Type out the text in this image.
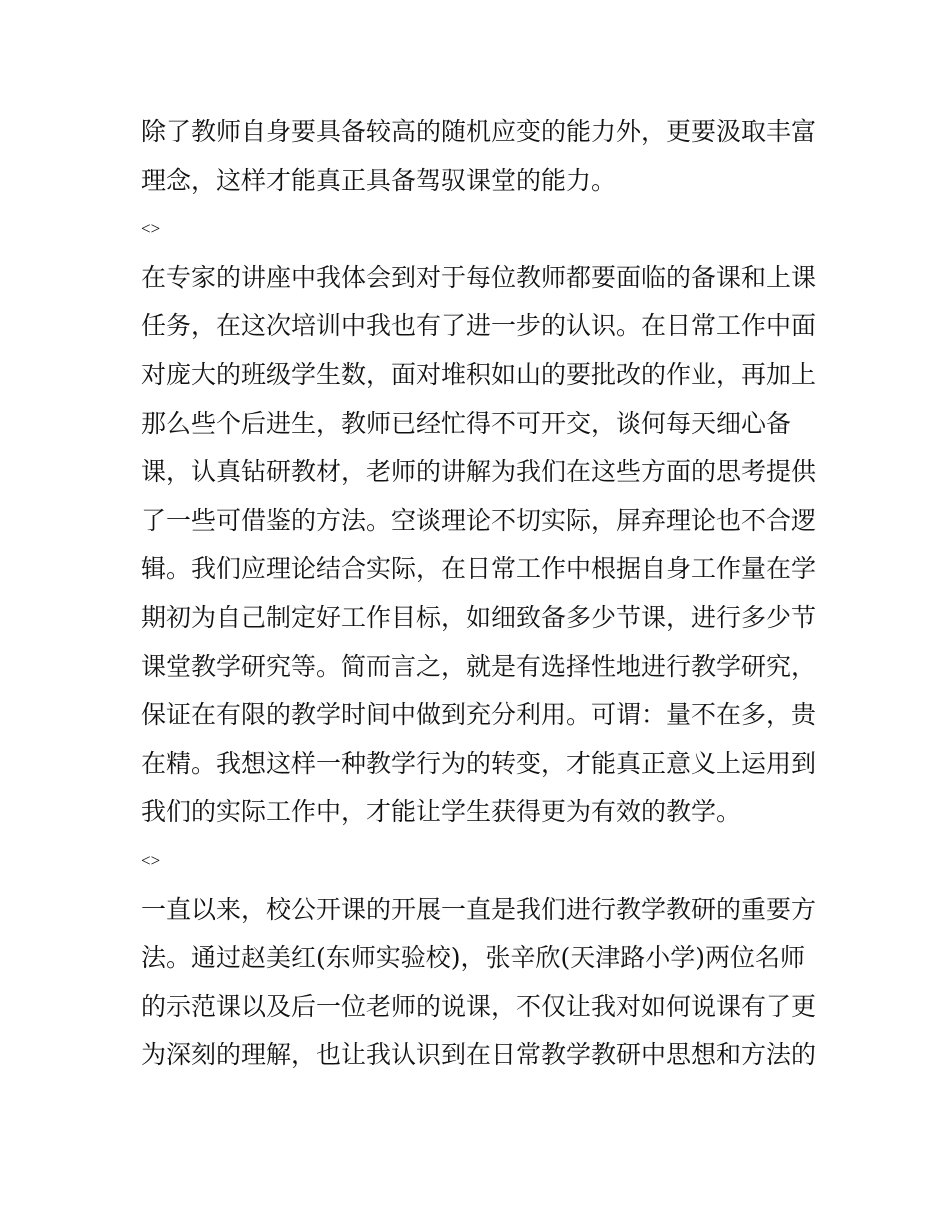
除了教师自身要具备较高的随机应变的能力外，更要汲取丰富
理念，这样才能真正具备驾驭课堂的能力。
<>
在专家的讲座中我体会到对于每位教师都要面临的备课和上课
任务，在这次培训中我也有了进一步的认识。在日常工作中面
对庞大的班级学生数，面对堆积如山的要批改的作业，再加上
那么些个后进生，教师已经忙得不可开交，谈何每天细心备
课，认真钻研教材，老师的讲解为我们在这些方面的思考提供
了一些可借鉴的方法。空谈理论不切实际，屏弃理论也不合逻
辑。我们应理论结合实际，在日常工作中根据自身工作量在学
期初为自己制定好工作目标，如细致备多少节课，进行多少节
课堂教学研究等。简而言之，就是有选择性地进行教学研究，
保证在有限的教学时间中做到充分利用。可谓：量不在多，贵
在精。我想这样一种教学行为的转变，才能真正意义上运用到
我们的实际工作中，才能让学生获得更为有效的教学。
<>
一直以来，校公开课的开展一直是我们进行教学教研的重要方
法。通过赵美红(东师实验校)，张辛欣(天津路小学)两位名师
的示范课以及后一位老师的说课，不仅让我对如何说课有了更
为深刻的理解，也让我认识到在日常教学教研中思想和方法的
